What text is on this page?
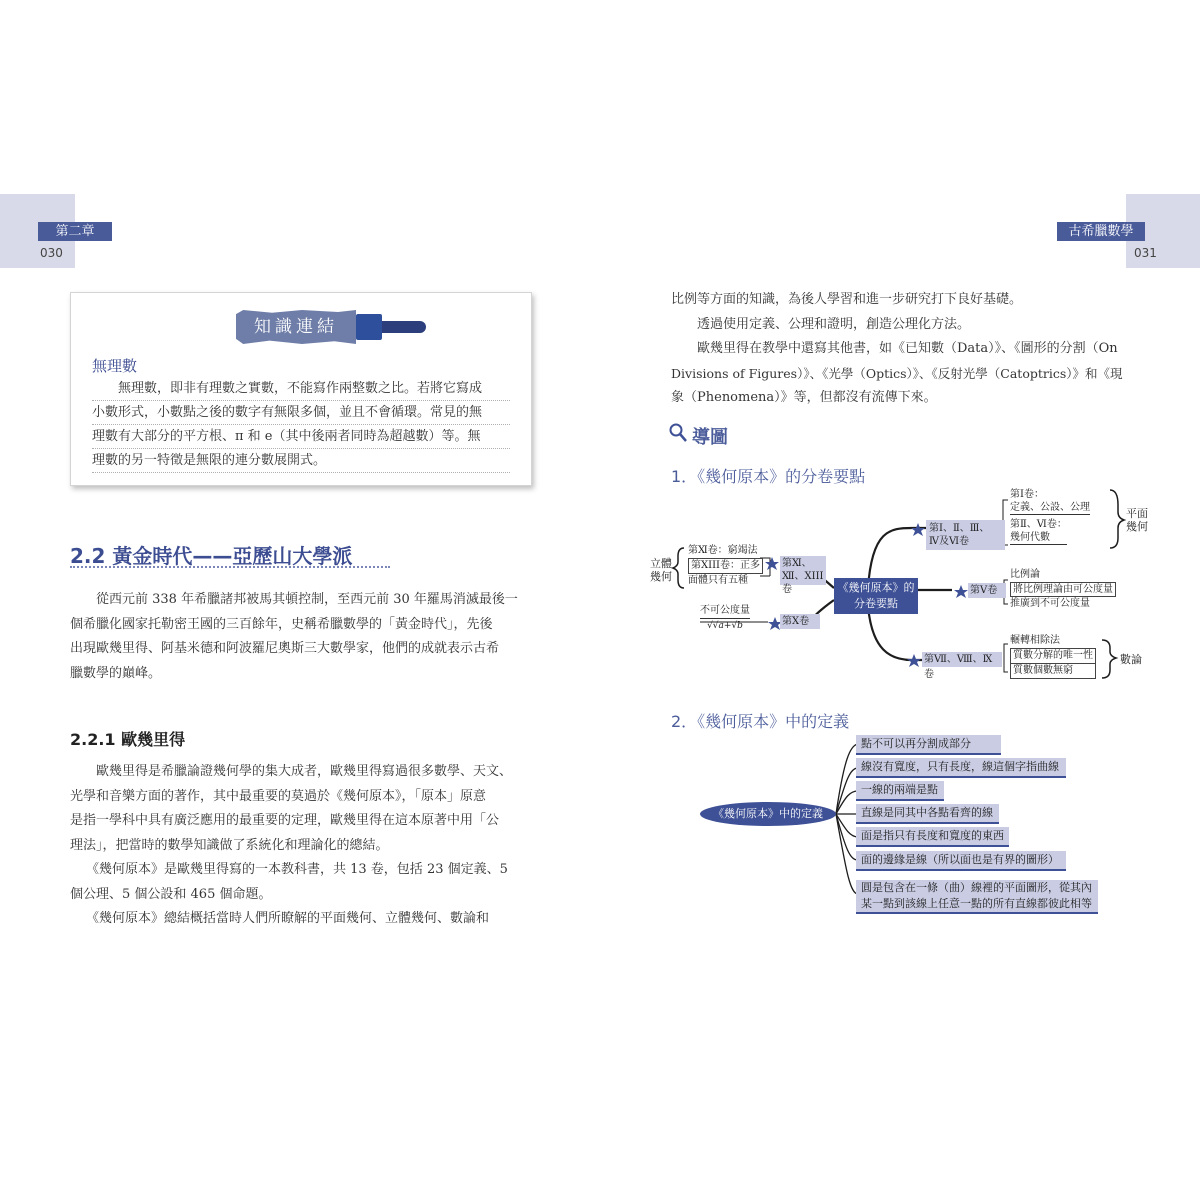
第二章
030
古希臘數學
031
知識連結
無理數
無理數，即非有理數之實數，不能寫作兩整數之比。若將它寫成
小數形式，小數點之後的數字有無限多個，並且不會循環。常見的無
理數有大部分的平方根、π 和 e（其中後兩者同時為超越數）等。無
理數的另一特徵是無限的連分數展開式。
2.2 黃金時代——亞歷山大學派
從西元前 338 年希臘諸邦被馬其頓控制，至西元前 30 年羅馬消滅最後一
個希臘化國家托勒密王國的三百餘年，史稱希臘數學的「黃金時代」，先後
出現歐幾里得、阿基米德和阿波羅尼奧斯三大數學家，他們的成就表示古希
臘數學的巔峰。
2.2.1 歐幾里得
歐幾里得是希臘論證幾何學的集大成者，歐幾里得寫過很多數學、天文、
光學和音樂方面的著作，其中最重要的莫過於《幾何原本》，「原本」原意
是指一學科中具有廣泛應用的最重要的定理，歐幾里得在這本原著中用「公
理法」，把當時的數學知識做了系統化和理論化的總結。
《幾何原本》是歐幾里得寫的一本教科書，共 13 卷，包括 23 個定義、5
個公理、5 個公設和 465 個命題。
《幾何原本》總結概括當時人們所瞭解的平面幾何、立體幾何、數論和
比例等方面的知識，為後人學習和進一步研究打下良好基礎。
透過使用定義、公理和證明，創造公理化方法。
歐幾里得在教學中還寫其他書，如《已知數（Data）》、《圖形的分割（On
Divisions of Figures）》、《光學（Optics）》、《反射光學（Catoptrics）》和《現
象（Phenomena）》等，但都沒有流傳下來。
導圖
1．《幾何原本》的分卷要點
《幾何原本》的
分卷要點
第Ⅰ、Ⅱ、Ⅲ、
Ⅳ及Ⅵ卷
第Ⅰ卷：
定義、公設、公理
第Ⅱ、Ⅵ卷：
幾何代數
平面
幾何
第Ⅴ卷
比例論
將比例理論由可公度量
推廣到不可公度量
第Ⅶ、Ⅷ、Ⅸ卷
輾轉相除法
質數分解的唯一性
質數個數無窮
數論
第Ⅺ、
Ⅻ、XIII 卷
第Ⅺ卷：窮竭法
第XIII卷：正多
面體只有五種
立體
幾何
第Ⅹ卷
不可公度量
√√a+√b
2．《幾何原本》中的定義
《幾何原本》中的定義
點不可以再分割成部分
線沒有寬度，只有長度，線這個字指曲線
一線的兩端是點
直線是同其中各點看齊的線
面是指只有長度和寬度的東西
面的邊緣是線（所以面也是有界的圖形）
圓是包含在一條（曲）線裡的平面圖形，從其內
某一點到該線上任意一點的所有直線都彼此相等
